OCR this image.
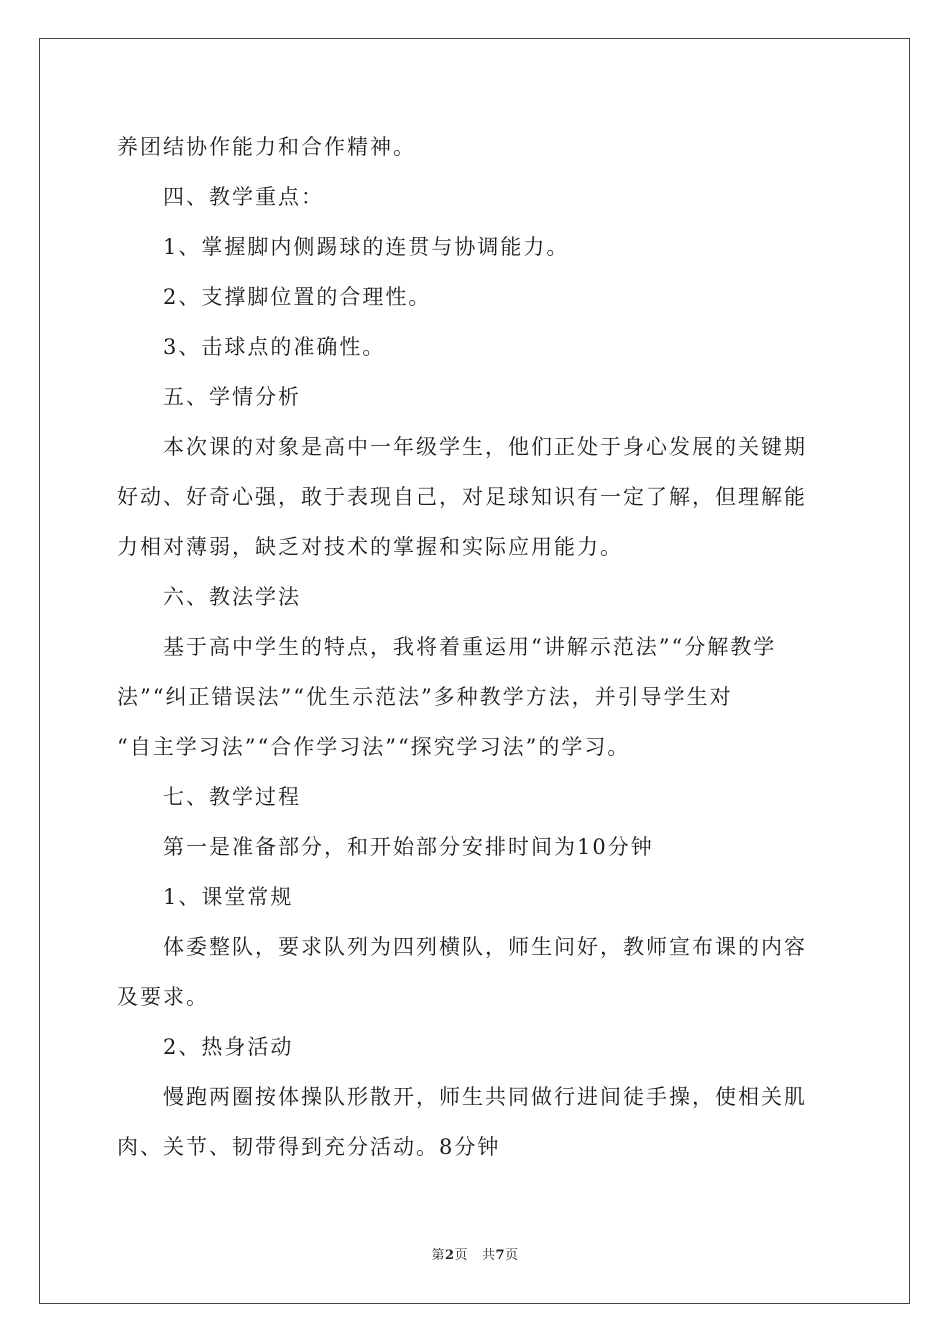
养团结协作能力和合作精神。
四、教学重点：
1、掌握脚内侧踢球的连贯与协调能力。
2、支撑脚位置的合理性。
3、击球点的准确性。
五、学情分析
本次课的对象是高中一年级学生，他们正处于身心发展的关键期
好动、好奇心强，敢于表现自己，对足球知识有一定了解，但理解能
力相对薄弱，缺乏对技术的掌握和实际应用能力。
六、教法学法
基于高中学生的特点，我将着重运用“讲解示范法”“分解教学
法”“纠正错误法”“优生示范法”多种教学方法，并引导学生对
“自主学习法”“合作学习法”“探究学习法”的学习。
七、教学过程
第一是准备部分，和开始部分安排时间为10分钟
1、课堂常规
体委整队，要求队列为四列横队，师生问好，教师宣布课的内容
及要求。
2、热身活动
慢跑两圈按体操队形散开，师生共同做行进间徒手操，使相关肌
肉、关节、韧带得到充分活动。8分钟
第2页 共7页
